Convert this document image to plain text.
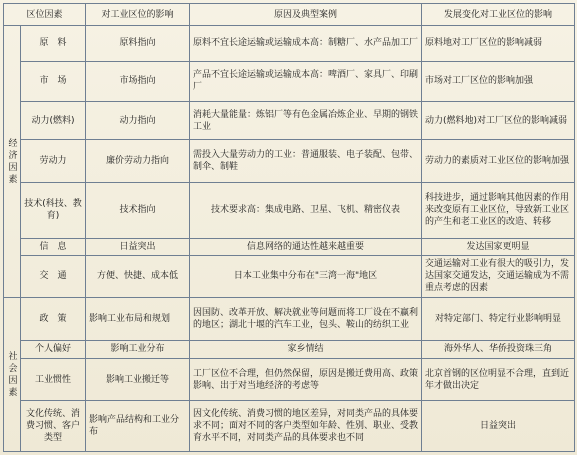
区位因素		对工业区位的影响	原因及典型案例	发展变化对工业区位的影响

经济因素	原　料	原料指向	原料不宜长途运输或运输成本高：制糖厂、水产品加工厂	原料地对工厂区位的影响减弱
	市　场	市场指向	产品不宜长途运输或运输成本高：啤酒厂、家具厂、印刷厂	市场对工厂区位的影响加强
	动力(燃料)	动力指向	消耗大量能量：炼铝厂等有色金属冶炼企业、早期的钢铁工业	动力(燃料地)对工厂区位的影响减弱
	劳动力	廉价劳动力指向	需投入大量劳动力的工业：普通服装、电子装配、包带、制伞、制鞋	劳动力的素质对工业区位的影响加强
	技术(科技、教育)	技术指向	技术要求高：集成电路、卫星、飞机、精密仪表	科技进步，通过影响其他因素的作用来改变原有工业区位，导致新工业区的产生和老工业区的改造、转移
	信　息	日益突出	信息网络的通达性越来越重要	发达国家更明显
	交　通	方便、快捷、成本低	日本工业集中分布在"三湾一海"地区	交通运输对工业有很大的吸引力，发达国家交通发达，交通运输成为不需重点考虑的因素

社会因素	政　策	影响工业布局和规划	因国防、改革开放、解决就业等问题而将工厂设在不赢利的地区；湖北十堰的汽车工业，包头、鞍山的纺织工业	对特定部门、特定行业影响明显
	个人偏好	影响工业分布	家乡情结	海外华人、华侨投资珠三角
	工业惯性	影响工业搬迁等	工厂区位不合理，但仍然保留，原因是搬迁费用高、政策影响、出于对当地经济的考虑等	北京首钢的区位明显不合理，直到近年才做出决定
	文化传统、消费习惯、客户类型	影响产品结构和工业分布	因文化传统、消费习惯的地区差异，对同类产品的具体要求不同；面对不同的客户类型如年龄、性别、职业、受教育水平不同，对同类产品的具体要求也不同	日益突出
